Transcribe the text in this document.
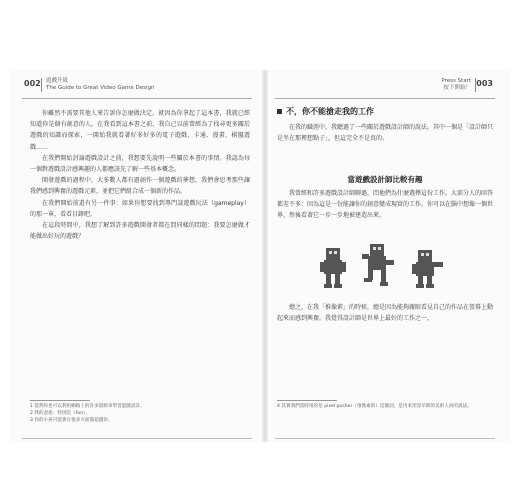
002 遊戲升級
The Guide to Great Video Game Design
Press Start
按下開始！ 003

你雖然不需要其他人來告訴你怎麼做決定，就因為你拿起了這本書，我就已經知道你是個有創意的人。在我看到這本書之前，我自己以前曾經為了找尋更多關於遊戲的知識而探索，一開始我就看著好多好多的電子遊戲、卡通、漫畫、棋盤遊戲……

在我們開始討論遊戲設計之前，我想要先說明一些關於本書的事情。我認為每一個對遊戲設計感興趣的人都應該先了解一些基本概念。

開發遊戲的過程中，大多數人都有過創作一個遊戲的夢想，我們會思考那些讓我們感到興奮的遊戲元素，並把它們組合成一個新的作品。

在我們開始前還有另一件事：如果你想要找到專門談遊戲玩法（gameplay）的那一章，看看目錄吧。

在這段時間中，我想了解到許多遊戲開發者都在問同樣的問題：我要怎麼做才能做出好玩的遊戲？

1 當然你也可以利用網路上的許多資源來學習遊戲設計。
2 我的意思：特別是（fun）。
3 你的小孩可能會在很多方面都超越你。
不，你不能搶走我的工作

在我的職涯中，我聽過了一些關於遊戲設計師的說法。其中一個是「設計師只是坐在那裡想點子」，但這完全不是真的。

當遊戲設計師比較有趣

我曾經和許多遊戲設計師聊過，問他們為什麼選擇這份工作。大部分人的回答都差不多：因為這是一份能讓你的創意變成現實的工作。你可以在腦中想像一個世界，然後看著它一步一步地被建造出來。

總之，在我「推像素」的時候，總是因為能夠親眼看見自己的作品在螢幕上動起來而感到興奮。我覺得設計師是世界上最好的工作之一。

4 其實我們當時用的是 pixel pusher（推像素的）這個詞，是用來形容早期的美術人員的說法。
